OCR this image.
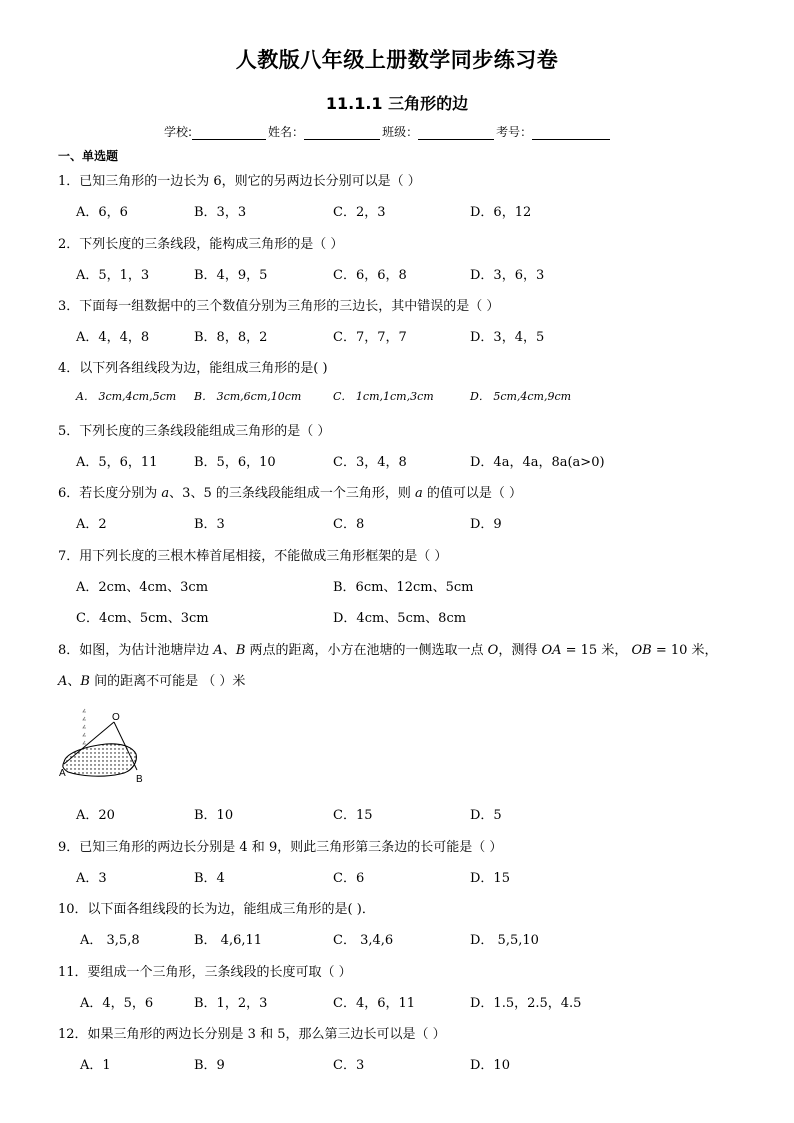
人教版八年级上册数学同步练习卷
11.1.1 三角形的边
学校:	姓名：	班级：	考号：
一、单选题
1．已知三角形的一边长为 6，则它的另两边长分别可以是（ ）
A．6，6	B．3，3	C．2，3	D．6，12
2．下列长度的三条线段，能构成三角形的是（ ）
A．5，1，3	B．4，9，5	C．6，6，8	D．3，6，3
3．下面每一组数据中的三个数值分别为三角形的三边长，其中错误的是（ ）
A．4，4，8	B．8，8，2	C．7，7，7	D．3，4，5
4．以下列各组线段为边，能组成三角形的是( )
A． 3cm,4cm,5cm B． 3cm,6cm,10cm	C． 1cm,1cm,3cm	D． 5cm,4cm,9cm
5．下列长度的三条线段能组成三角形的是（ ）
A．5，6，11	B．5，6，10	C．3，4，8	D．4a，4a，8a(a>0)
6．若长度分别为 a、3、5 的三条线段能组成一个三角形，则 a 的值可以是（ ）
A．2	B．3	C．8	D．9
7．用下列长度的三根木棒首尾相接，不能做成三角形框架的是（ ）
A．2cm、4cm、3cm	B．6cm、12cm、5cm
C．4cm、5cm、3cm	D．4cm、5cm、8cm
8．如图，为估计池塘岸边 A、B 两点的距离，小方在池塘的一侧选取一点 O，测得 OA = 15 米， OB = 10 米，
A、B 间的距离不可能是 （ ）米
O
A
B
A．20	B．10	C．15	D．5
9．已知三角形的两边长分别是 4 和 9，则此三角形第三条边的长可能是（ ）
A．3	B．4	C．6	D．15
10．以下面各组线段的长为边，能组成三角形的是( )．
A． 3,5,8	B． 4,6,11	C． 3,4,6	D． 5,5,10
11．要组成一个三角形，三条线段的长度可取（ ）
A．4，5，6	B．1，2，3	C．4，6，11	D．1.5，2.5，4.5
12．如果三角形的两边长分别是 3 和 5，那么第三边长可以是（ ）
A．1	B．9	C．3	D．10
